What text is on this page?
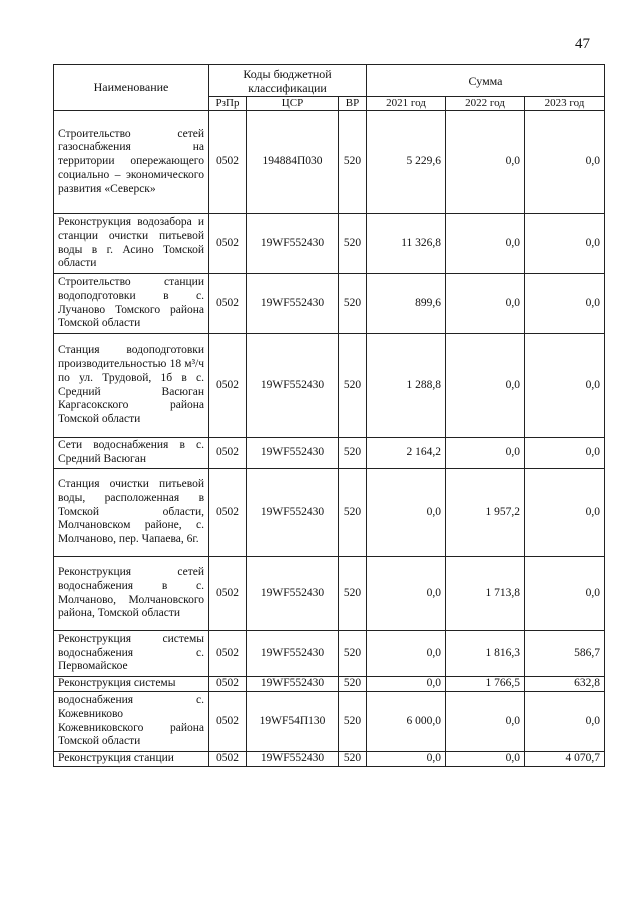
47
Наименование	Коды бюджетной классификации			Сумма		
	РзПр	ЦСР	ВР	2021 год	2022 год	2023 год
Строительство сетей газоснабжения на территории опережающего социально – экономического развития «Северск»	0502	194884П030	520	5 229,6	0,0	0,0
Реконструкция водозабора и станции очистки питьевой воды в г. Асино Томской области	0502	19WF552430	520	11 326,8	0,0	0,0
Строительство станции водоподготовки в с. Лучаново Томского района Томской области	0502	19WF552430	520	899,6	0,0	0,0
Станция водоподготовки производительностью 18 м³/ч по ул. Трудовой, 1б в с. Средний Васюган Каргасокского района Томской области	0502	19WF552430	520	1 288,8	0,0	0,0
Сети водоснабжения в с. Средний Васюган	0502	19WF552430	520	2 164,2	0,0	0,0
Станция очистки питьевой воды, расположенная в Томской области, Молчановском районе, с. Молчаново, пер. Чапаева, 6г.	0502	19WF552430	520	0,0	1 957,2	0,0
Реконструкция сетей водоснабжения в с. Молчаново, Молчановского района, Томской области	0502	19WF552430	520	0,0	1 713,8	0,0
Реконструкция системы водоснабжения с. Первомайское	0502	19WF552430	520	0,0	1 816,3	586,7
Реконструкция системы	0502	19WF552430	520	0,0	1 766,5	632,8
водоснабжения с. Кожевниково Кожевниковского района Томской области	0502	19WF54П130	520	6 000,0	0,0	0,0
Реконструкция станции	0502	19WF552430	520	0,0	0,0	4 070,7
